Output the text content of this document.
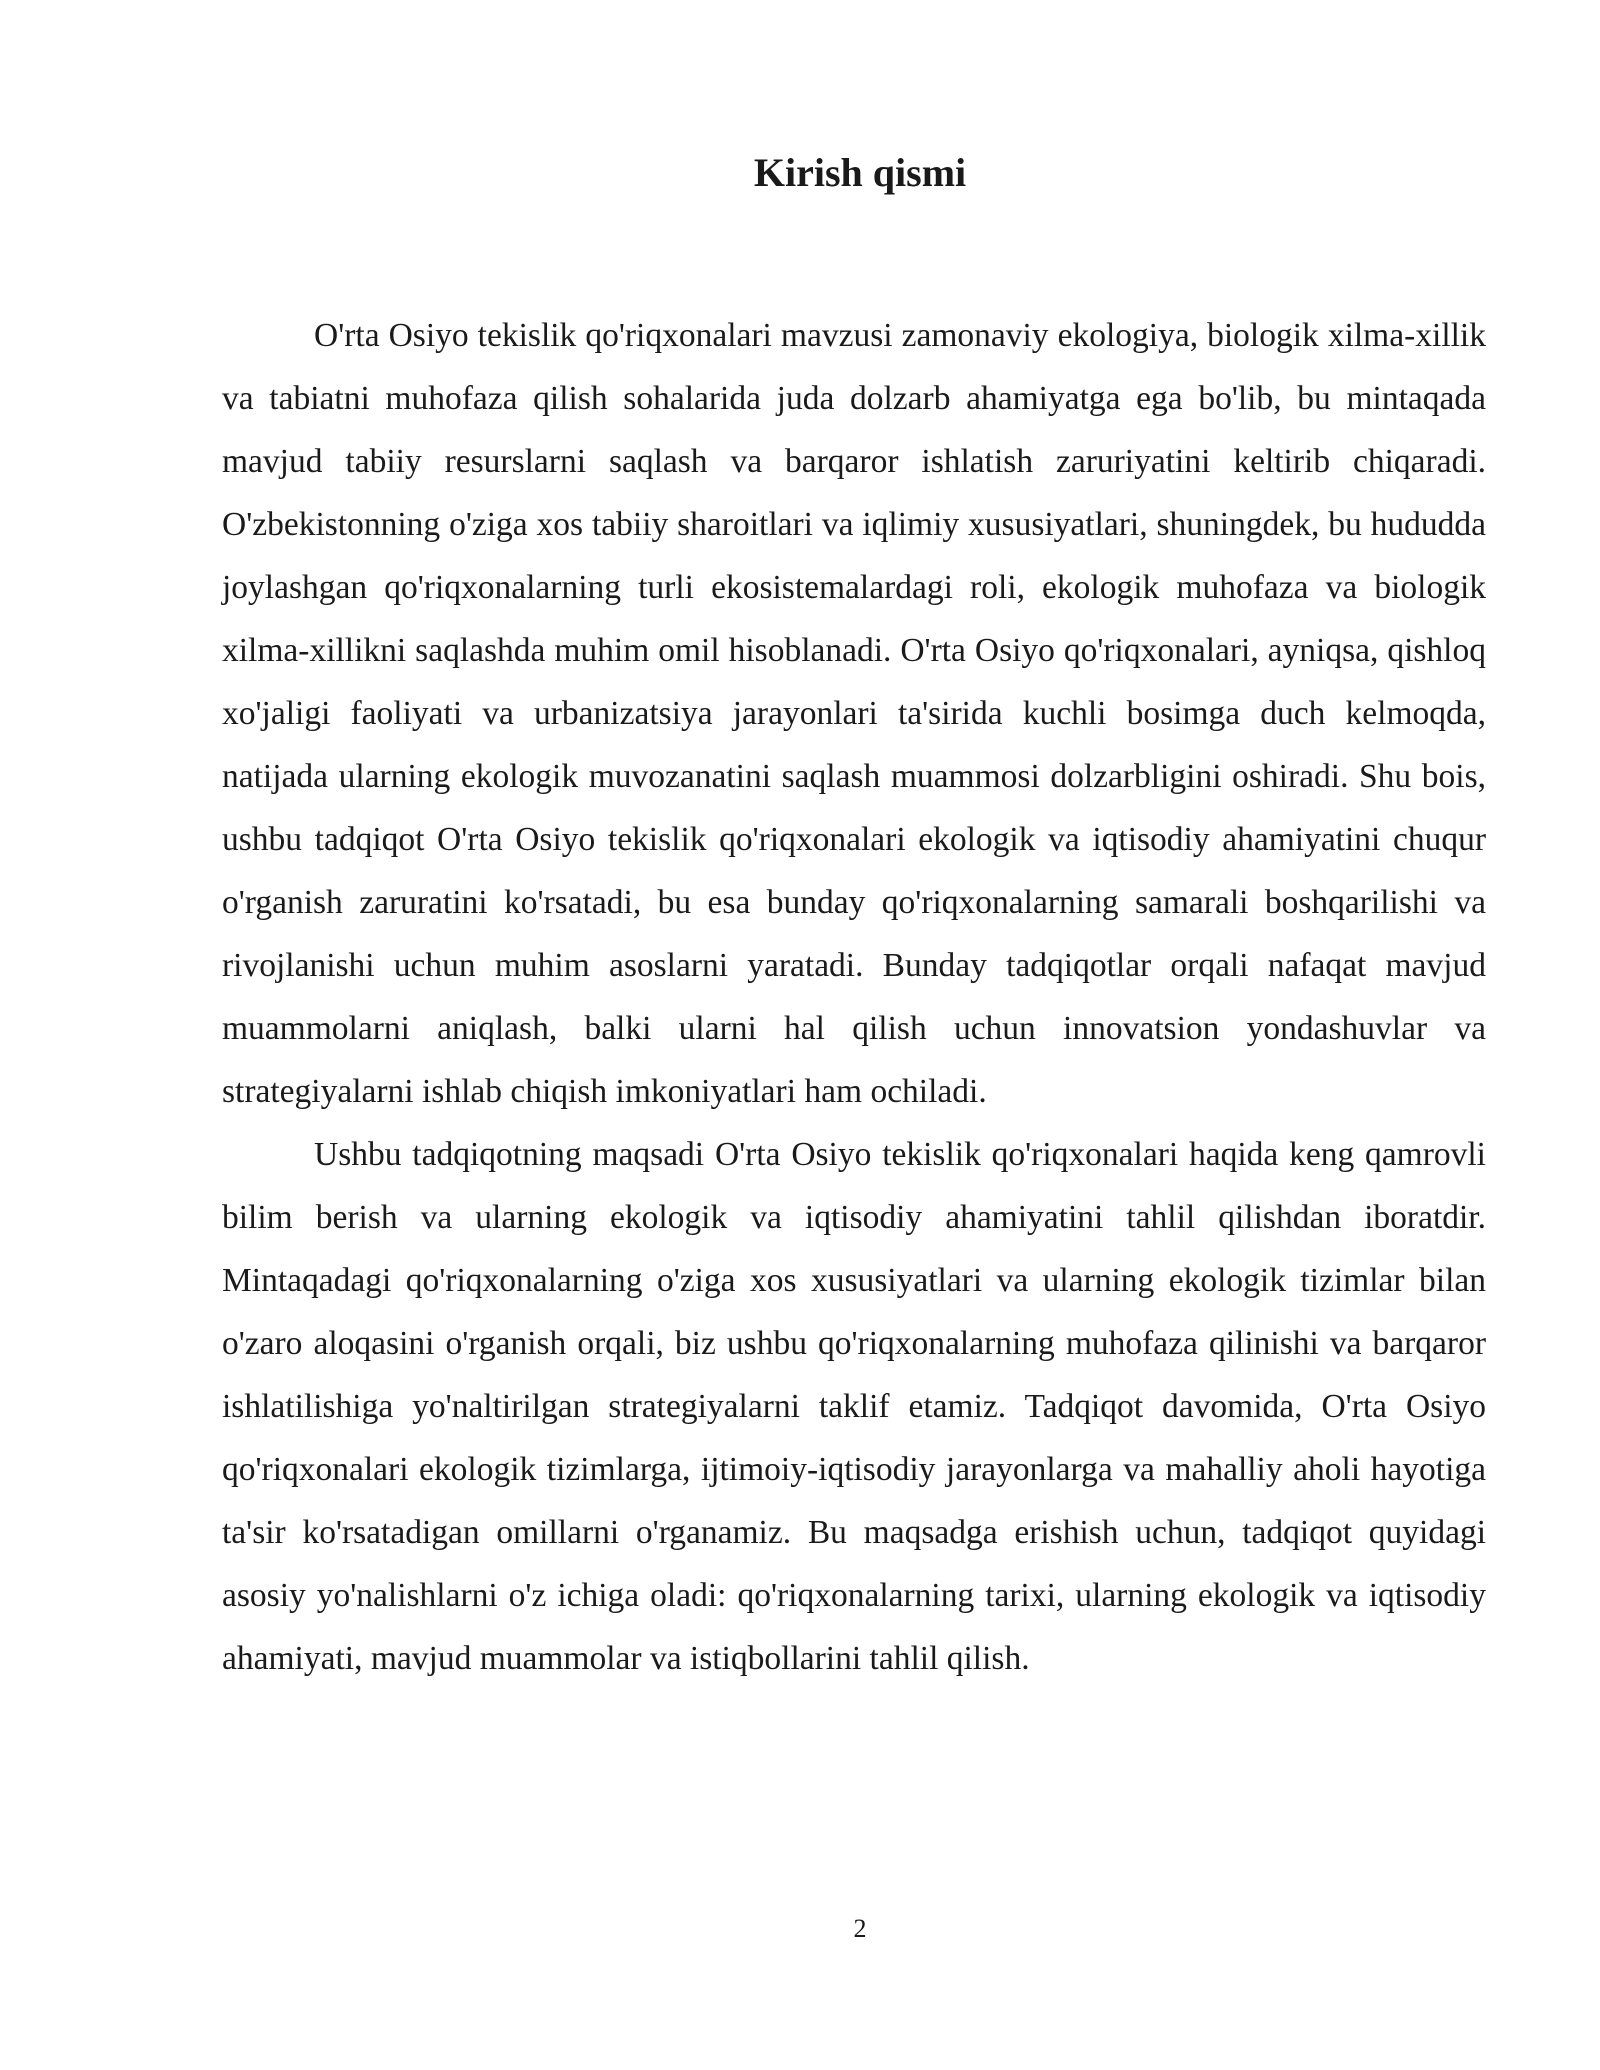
Kirish qismi

O'rta Osiyo tekislik qo'riqxonalari mavzusi zamonaviy ekologiya, biologik xilma-xillik va tabiatni muhofaza qilish sohalarida juda dolzarb ahamiyatga ega bo'lib, bu mintaqada mavjud tabiiy resurslarni saqlash va barqaror ishlatish zaruriyatini keltirib chiqaradi. O'zbekistonning o'ziga xos tabiiy sharoitlari va iqlimiy xususiyatlari, shuningdek, bu hududda joylashgan qo'riqxonalarning turli ekosistemalardagi roli, ekologik muhofaza va biologik xilma-xillikni saqlashda muhim omil hisoblanadi. O'rta Osiyo qo'riqxonalari, ayniqsa, qishloq xo'jaligi faoliyati va urbanizatsiya jarayonlari ta'sirida kuchli bosimga duch kelmoqda, natijada ularning ekologik muvozanatini saqlash muammosi dolzarbligini oshiradi. Shu bois, ushbu tadqiqot O'rta Osiyo tekislik qo'riqxonalari ekologik va iqtisodiy ahamiyatini chuqur o'rganish zaruratini ko'rsatadi, bu esa bunday qo'riqxonalarning samarali boshqarilishi va rivojlanishi uchun muhim asoslarni yaratadi. Bunday tadqiqotlar orqali nafaqat mavjud muammolarni aniqlash, balki ularni hal qilish uchun innovatsion yondashuvlar va strategiyalarni ishlab chiqish imkoniyatlari ham ochiladi.

Ushbu tadqiqotning maqsadi O'rta Osiyo tekislik qo'riqxonalari haqida keng qamrovli bilim berish va ularning ekologik va iqtisodiy ahamiyatini tahlil qilishdan iboratdir. Mintaqadagi qo'riqxonalarning o'ziga xos xususiyatlari va ularning ekologik tizimlar bilan o'zaro aloqasini o'rganish orqali, biz ushbu qo'riqxonalarning muhofaza qilinishi va barqaror ishlatilishiga yo'naltirilgan strategiyalarni taklif etamiz. Tadqiqot davomida, O'rta Osiyo qo'riqxonalari ekologik tizimlarga, ijtimoiy-iqtisodiy jarayonlarga va mahalliy aholi hayotiga ta'sir ko'rsatadigan omillarni o'rganamiz. Bu maqsadga erishish uchun, tadqiqot quyidagi asosiy yo'nalishlarni o'z ichiga oladi: qo'riqxonalarning tarixi, ularning ekologik va iqtisodiy ahamiyati, mavjud muammolar va istiqbollarini tahlil qilish.

2
